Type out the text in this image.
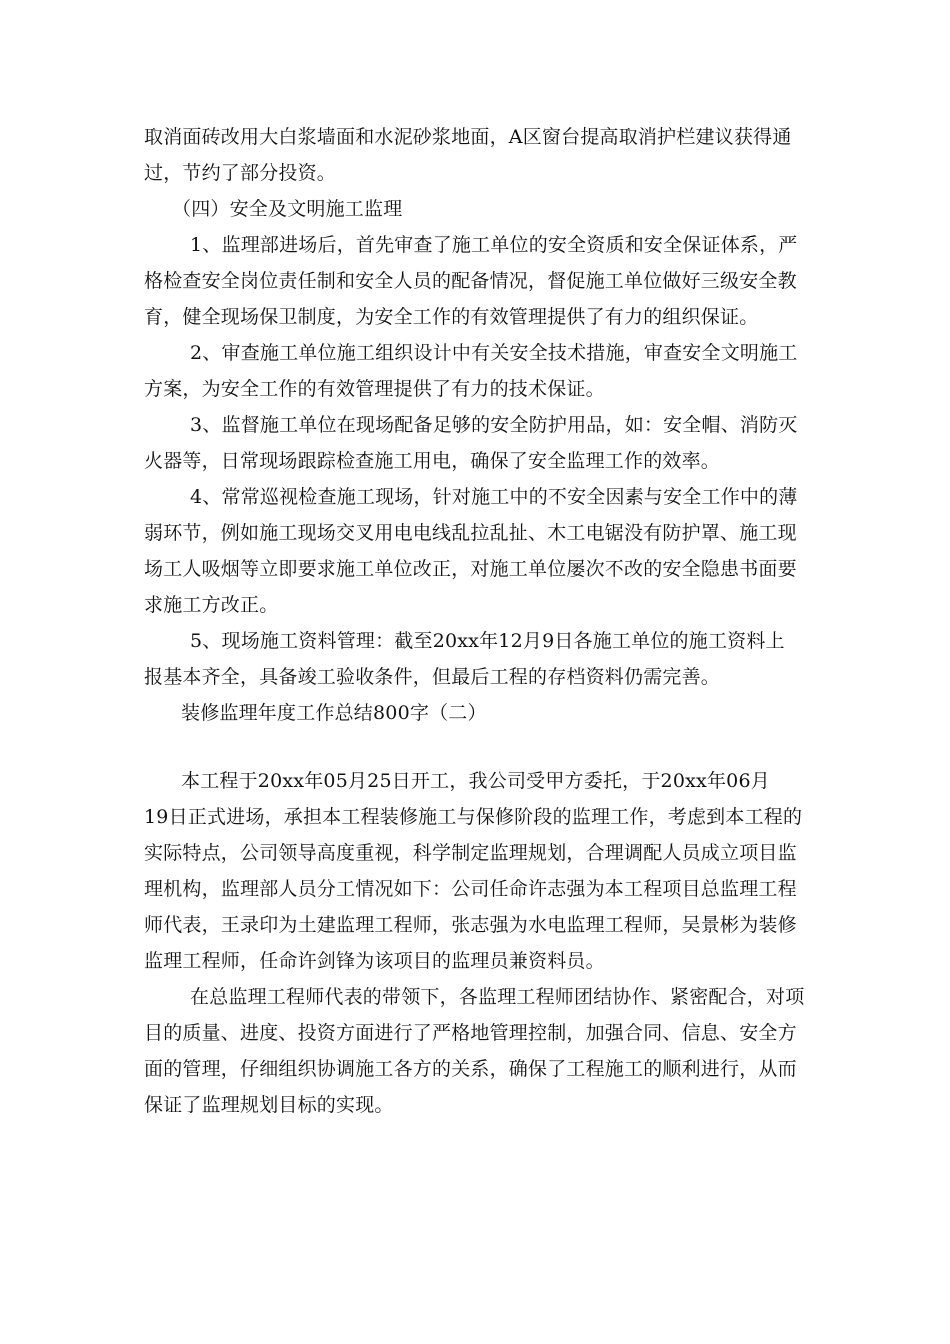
取消面砖改用大白浆墙面和水泥砂浆地面，A区窗台提高取消护栏建议获得通
过，节约了部分投资。
（四）安全及文明施工监理
1、监理部进场后，首先审查了施工单位的安全资质和安全保证体系，严
格检查安全岗位责任制和安全人员的配备情况，督促施工单位做好三级安全教
育，健全现场保卫制度，为安全工作的有效管理提供了有力的组织保证。
2、审查施工单位施工组织设计中有关安全技术措施，审查安全文明施工
方案，为安全工作的有效管理提供了有力的技术保证。
3、监督施工单位在现场配备足够的安全防护用品，如：安全帽、消防灭
火器等，日常现场跟踪检查施工用电，确保了安全监理工作的效率。
4、常常巡视检查施工现场，针对施工中的不安全因素与安全工作中的薄
弱环节，例如施工现场交叉用电电线乱拉乱扯、木工电锯没有防护罩、施工现
场工人吸烟等立即要求施工单位改正，对施工单位屡次不改的安全隐患书面要
求施工方改正。
5、现场施工资料管理：截至20xx年12月9日各施工单位的施工资料上
报基本齐全，具备竣工验收条件，但最后工程的存档资料仍需完善。
装修监理年度工作总结800字（二）
本工程于20xx年05月25日开工，我公司受甲方委托，于20xx年06月
19日正式进场，承担本工程装修施工与保修阶段的监理工作，考虑到本工程的
实际特点，公司领导高度重视，科学制定监理规划，合理调配人员成立项目监
理机构，监理部人员分工情况如下：公司任命许志强为本工程项目总监理工程
师代表，王录印为土建监理工程师，张志强为水电监理工程师，吴景彬为装修
监理工程师，任命许剑锋为该项目的监理员兼资料员。
在总监理工程师代表的带领下，各监理工程师团结协作、紧密配合，对项
目的质量、进度、投资方面进行了严格地管理控制，加强合同、信息、安全方
面的管理，仔细组织协调施工各方的关系，确保了工程施工的顺利进行，从而
保证了监理规划目标的实现。
